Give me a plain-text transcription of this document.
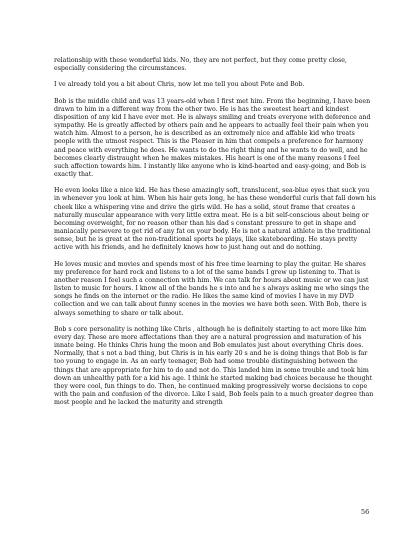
relationship with these wonderful kids. No, they are not perfect, but they come pretty close, especially considering the circumstances.

I ve already told you a bit about Chris, now let me tell you about Pete and Bob.

Bob is the middle child and was 13 years-old when I first met him. From the beginning, I have been drawn to him in a different way from the other two. He is has the sweetest heart and kindest disposition of any kid I have ever met. He is always smiling and treats everyone with deference and sympathy. He is greatly affected by others pain and he appears to actually feel their pain when you watch him. Almost to a person, he is described as an extremely nice and affable kid who treats people with the utmost respect. This is the Pleaser in him that compels a preference for harmony and peace with everything he does. He wants to do the right thing and he wants to do well, and he becomes clearly distraught when he makes mistakes. His heart is one of the many reasons I feel such affection towards him. I instantly like anyone who is kind-hearted and easy-going, and Bob is exactly that.

He even looks like a nice kid. He has these amazingly soft, translucent, sea-blue eyes that suck you in whenever you look at him. When his hair gets long, he has these wonderful curls that fall down his cheek like a whispering vine and drive the girls wild. He has a solid, stout frame that creates a naturally muscular appearance with very little extra meat. He is a bit self-conscious about being or becoming overweight, for no reason other than his dad s constant pressure to get in shape and maniacally persevere to get rid of any fat on your body. He is not a natural athlete in the traditional sense, but he is great at the non-traditional sports he plays, like skateboarding. He stays pretty active with his friends, and he definitely knows how to just hang out and do nothing.

He loves music and movies and spends most of his free time learning to play the guitar. He shares my preference for hard rock and listens to a lot of the same bands I grew up listening to. That is another reason I feel such a connection with him. We can talk for hours about music or we can just listen to music for hours. I know all of the bands he s into and he s always asking me who sings the songs he finds on the internet or the radio. He likes the same kind of movies I have in my DVD collection and we can talk about funny scenes in the movies we have both seen. With Bob, there is always something to share or talk about.

Bob s core personality is nothing like Chris , although he is definitely starting to act more like him every day. These are more affectations than they are a natural progression and maturation of his innate being. He thinks Chris hung the moon and Bob emulates just about everything Chris does. Normally, that s not a bad thing, but Chris is in his early 20 s and he is doing things that Bob is far too young to engage in. As an early teenager, Bob had some trouble distinguishing between the things that are appropriate for him to do and not do. This landed him in some trouble and took him down an unhealthy path for a kid his age. I think he started making bad choices because he thought they were cool, fun things to do. Then, he continued making progressively worse decisions to cope with the pain and confusion of the divorce. Like I said, Bob feels pain to a much greater degree than most people and he lacked the maturity and strength

56
